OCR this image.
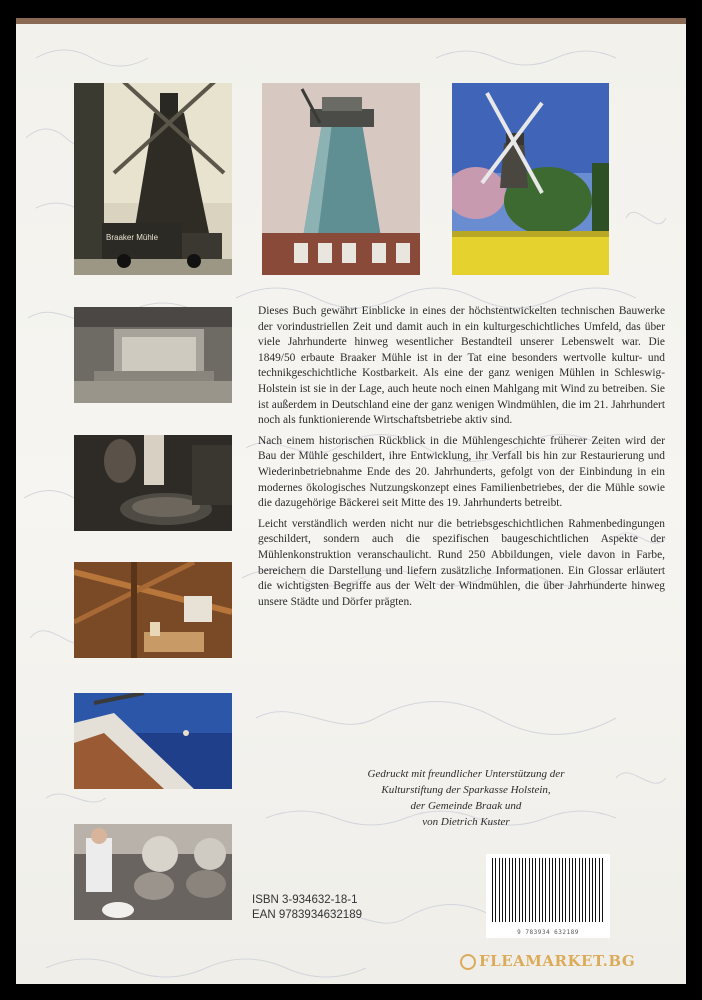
Braaker Mühle

Dieses Buch gewährt Einblicke in eines der höchstentwickelten technischen Bauwerke der vorindustriellen Zeit und damit auch in ein kulturgeschichtliches Umfeld, das über viele Jahrhunderte hinweg wesentlicher Bestandteil unserer Lebenswelt war. Die 1849/50 erbaute Braaker Mühle ist in der Tat eine besonders wertvolle kultur- und technikgeschichtliche Kostbarkeit. Als eine der ganz wenigen Mühlen in Schleswig-Holstein ist sie in der Lage, auch heute noch einen Mahlgang mit Wind zu betreiben. Sie ist außerdem in Deutschland eine der ganz wenigen Windmühlen, die im 21. Jahrhundert noch als funktionierende Wirtschaftsbetriebe aktiv sind.

Nach einem historischen Rückblick in die Mühlengeschichte früherer Zeiten wird der Bau der Mühle geschildert, ihre Entwicklung, ihr Verfall bis hin zur Restaurierung und Wiederinbetriebnahme Ende des 20. Jahrhunderts, gefolgt von der Einbindung in ein modernes ökologisches Nutzungskonzept eines Familienbetriebes, der die Mühle sowie die dazugehörige Bäckerei seit Mitte des 19. Jahrhunderts betreibt.

Leicht verständlich werden nicht nur die betriebsgeschichtlichen Rahmenbedingungen geschildert, sondern auch die spezifischen baugeschichtlichen Aspekte der Mühlenkonstruktion veranschaulicht. Rund 250 Abbildungen, viele davon in Farbe, bereichern die Darstellung und liefern zusätzliche Informationen. Ein Glossar erläutert die wichtigsten Begriffe aus der Welt der Windmühlen, die über Jahrhunderte hinweg unsere Städte und Dörfer prägten.

Gedruckt mit freundlicher Unterstützung der
Kulturstiftung der Sparkasse Holstein,
der Gemeinde Braak und
von Dietrich Kuster
ISBN 3-934632-18-1
EAN 9783934632189
9 783934 632189
FLEAMARKET.BG
